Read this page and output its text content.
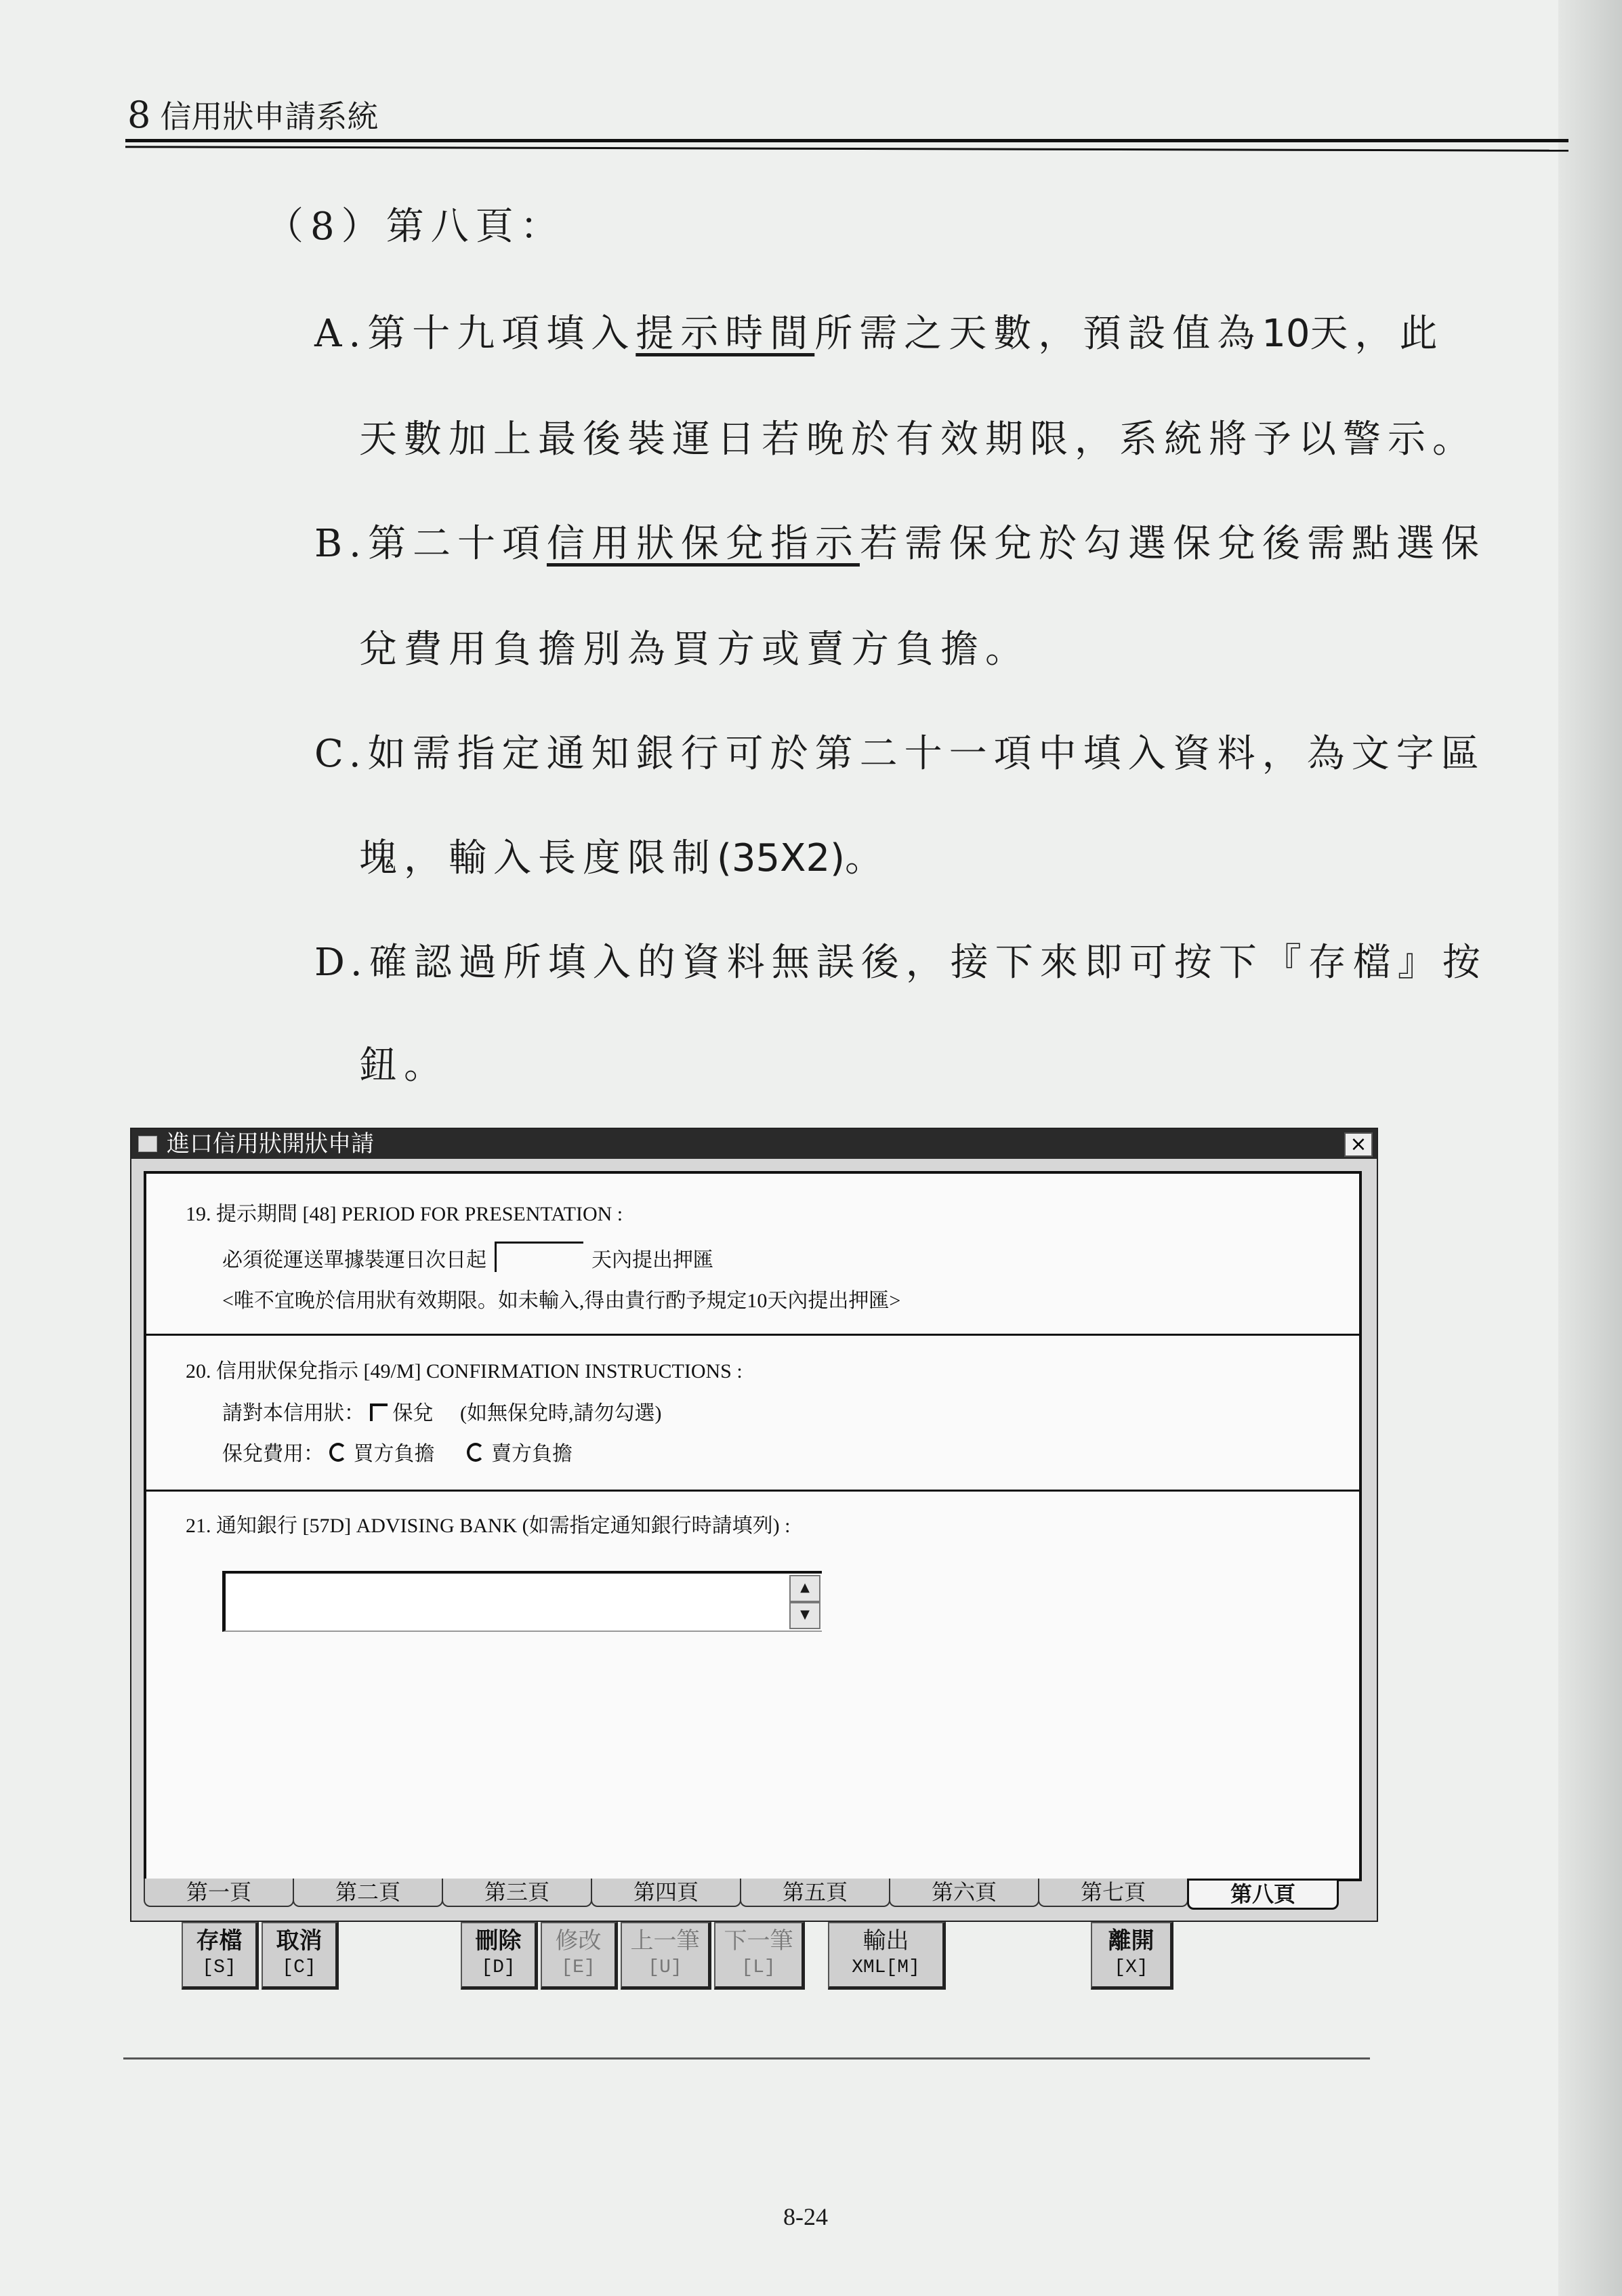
8 信用狀申請系統
（8）第八頁：
A.第十九項填入提示時間所需之天數，預設值為10天，此
天數加上最後裝運日若晚於有效期限，系統將予以警示。
B.第二十項信用狀保兌指示若需保兌於勾選保兌後需點選保
兌費用負擔別為買方或賣方負擔。
C.如需指定通知銀行可於第二十一項中填入資料，為文字區
塊，輸入長度限制(35X2)。
D.確認過所填入的資料無誤後，接下來即可按下『存檔』按
鈕。
進口信用狀開狀申請	×
19. 提示期間 [48] PERIOD FOR PRESENTATION :
必須從運送單據裝運日次日起	天內提出押匯
<唯不宜晚於信用狀有效期限。如未輸入,得由貴行酌予規定10天內提出押匯>
20. 信用狀保兌指示 [49/M] CONFIRMATION INSTRUCTIONS :
請對本信用狀： 保兌 (如無保兌時,請勿勾選)
保兌費用： 買方負擔	賣方負擔
21. 通知銀行 [57D] ADVISING BANK (如需指定通知銀行時請填列) :
▲
▼
第一頁	第二頁	第三頁	第四頁	第五頁	第六頁	第七頁	第八頁
存檔
[S]
取消
[C]
刪除
[D]
修改
[E]
上一筆
[U]
下一筆
[L]
輸出
XML[M]
離開
[X]
8-24
